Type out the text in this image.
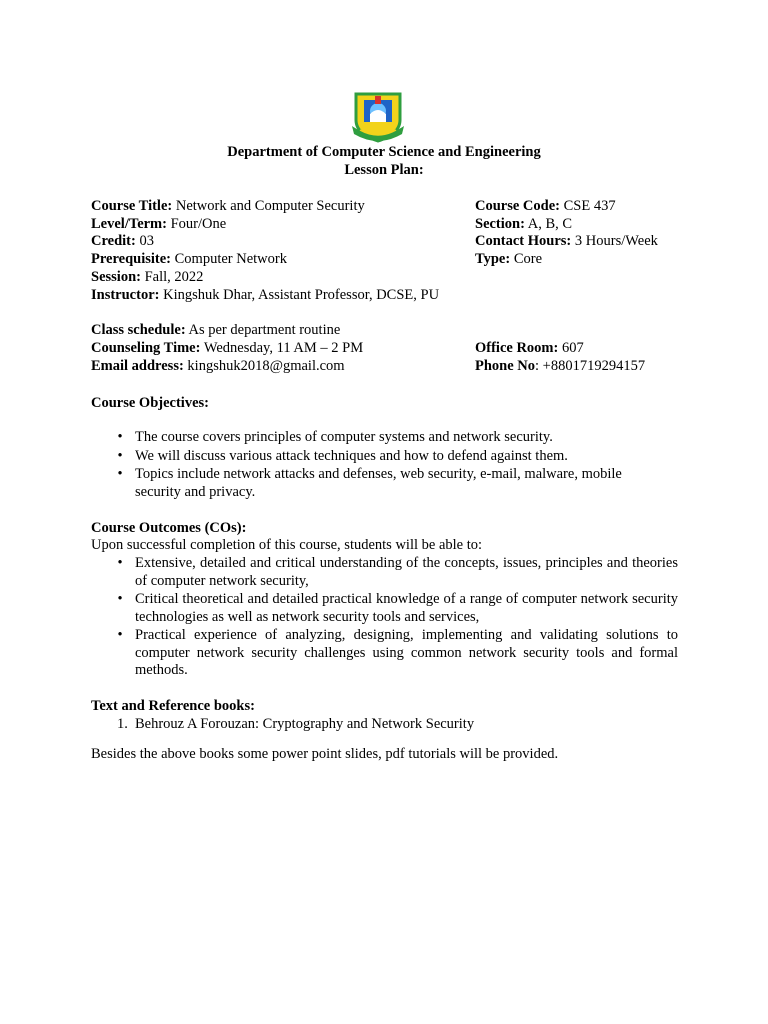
Department of Computer Science and Engineering
Lesson Plan:
Course Title: Network and Computer Security
Level/Term: Four/One
Credit: 03
Prerequisite: Computer Network
Session: Fall, 2022
Instructor: Kingshuk Dhar, Assistant Professor, DCSE, PU
Course Code: CSE 437
Section: A, B, C
Contact Hours: 3 Hours/Week
Type: Core
Class schedule: As per department routine
Counseling Time: Wednesday, 11 AM – 2 PM
Email address: kingshuk2018@gmail.com
Office Room: 607
Phone No: +8801719294157
Course Objectives:
• The course covers principles of computer systems and network security.
• We will discuss various attack techniques and how to defend against them.
• Topics include network attacks and defenses, web security, e-mail, malware, mobile security and privacy.
Course Outcomes (COs):
Upon successful completion of this course, students will be able to:
• Extensive, detailed and critical understanding of the concepts, issues, principles and theories of computer network security,
• Critical theoretical and detailed practical knowledge of a range of computer network security technologies as well as network security tools and services,
• Practical experience of analyzing, designing, implementing and validating solutions to computer network security challenges using common network security tools and formal methods.
Text and Reference books:
1. Behrouz A Forouzan: Cryptography and Network Security
Besides the above books some power point slides, pdf tutorials will be provided.
